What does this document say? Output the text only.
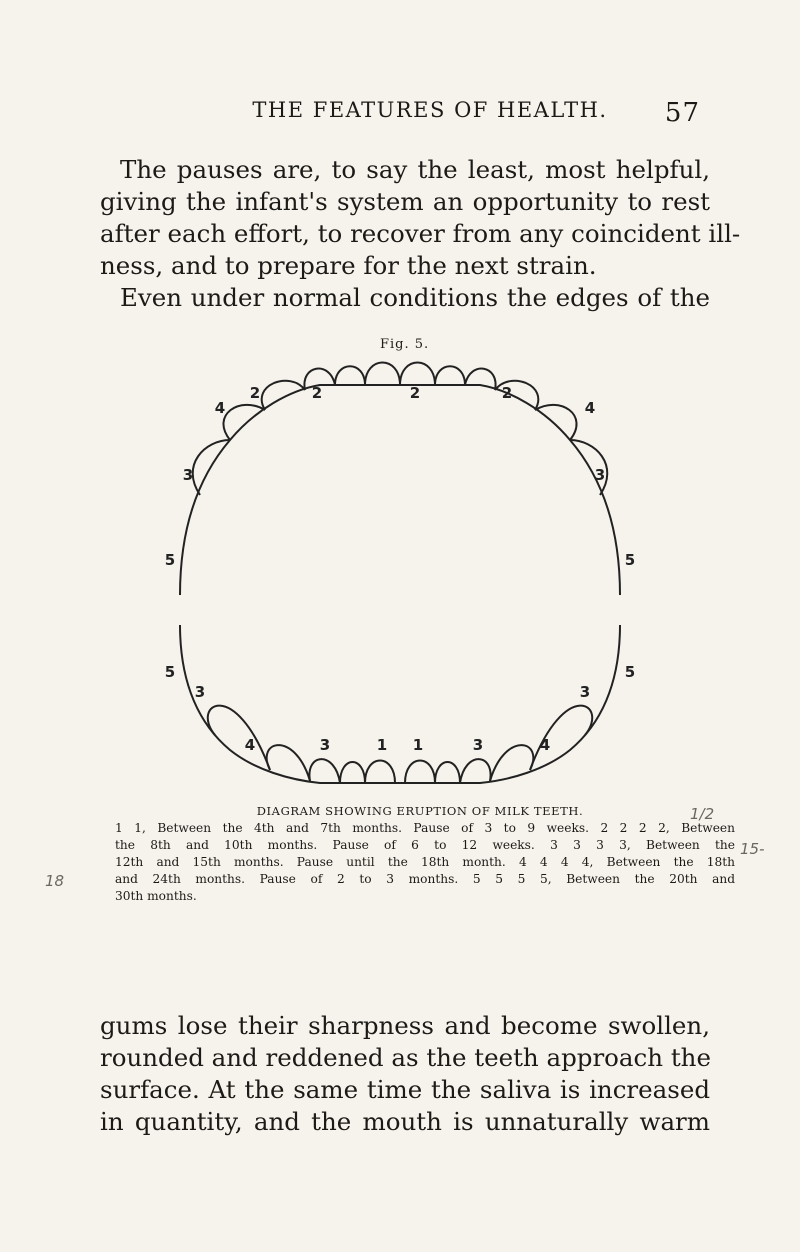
THE FEATURES OF HEALTH.	57
The pauses are, to say the least, most helpful,
giving the infant's system an opportunity to rest
after each effort, to recover from any coincident ill-
ness, and to prepare for the next strain.
Even under normal conditions the edges of the
Fig. 5.
3
4
2	2	2	2
4
3
5	5
5
3
4	3	1 1	3	4
3
5
DIAGRAM SHOWING ERUPTION OF MILK TEETH.
1 1, Between the 4th and 7th months. Pause of 3 to 9 weeks. 2 2 2 2, Between
the 8th and 10th months. Pause of 6 to 12 weeks. 3 3 3 3, Between the
12th and 15th months. Pause until the 18th month. 4 4 4 4, Between the 18th
and 24th months. Pause of 2 to 3 months. 5 5 5 5, Between the 20th and
30th months.
1/2
15-
18
gums lose their sharpness and become swollen,
rounded and reddened as the teeth approach the
surface. At the same time the saliva is increased
in quantity, and the mouth is unnaturally warm
